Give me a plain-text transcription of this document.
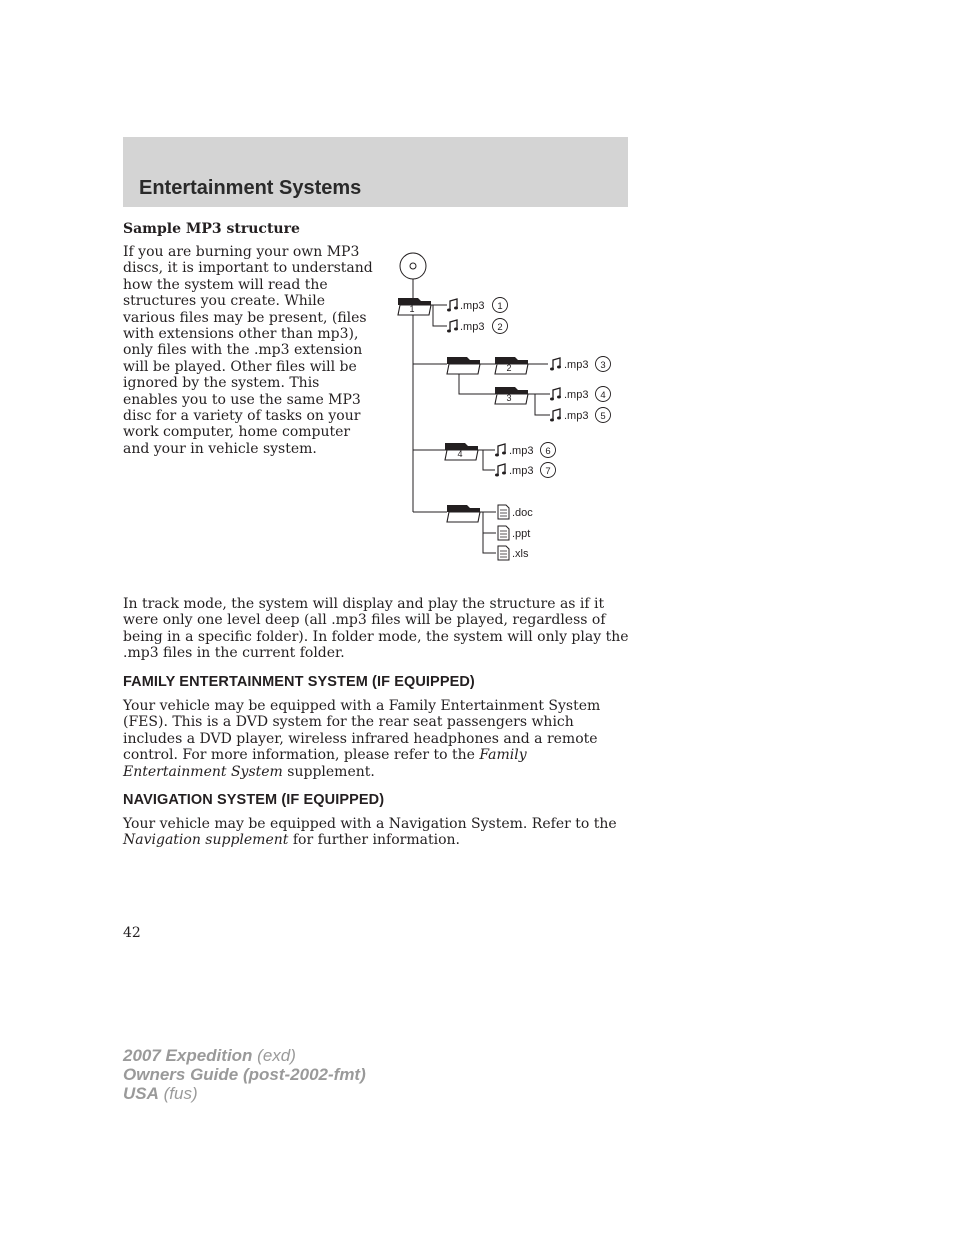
Entertainment Systems
Sample MP3 structure

If you are burning your own MP3 discs, it is important to understand how the system will read the structures you create. While various files may be present, (files with extensions other than mp3), only files with the .mp3 extension will be played. Other files will be ignored by the system. This enables you to use the same MP3 disc for a variety of tasks on your work computer, home computer and your in vehicle system.

1
2
3
4
.mp3 1
.mp3 2
.mp3 3
.mp3 4
.mp3 5
.mp3 6
.mp3 7
.doc
.ppt
.xls

In track mode, the system will display and play the structure as if it were only one level deep (all .mp3 files will be played, regardless of being in a specific folder). In folder mode, the system will only play the .mp3 files in the current folder.

FAMILY ENTERTAINMENT SYSTEM (IF EQUIPPED)

Your vehicle may be equipped with a Family Entertainment System (FES). This is a DVD system for the rear seat passengers which includes a DVD player, wireless infrared headphones and a remote control. For more information, please refer to the Family Entertainment System supplement.

NAVIGATION SYSTEM (IF EQUIPPED)

Your vehicle may be equipped with a Navigation System. Refer to the Navigation supplement for further information.

42

2007 Expedition (exd)
Owners Guide (post-2002-fmt)
USA (fus)
